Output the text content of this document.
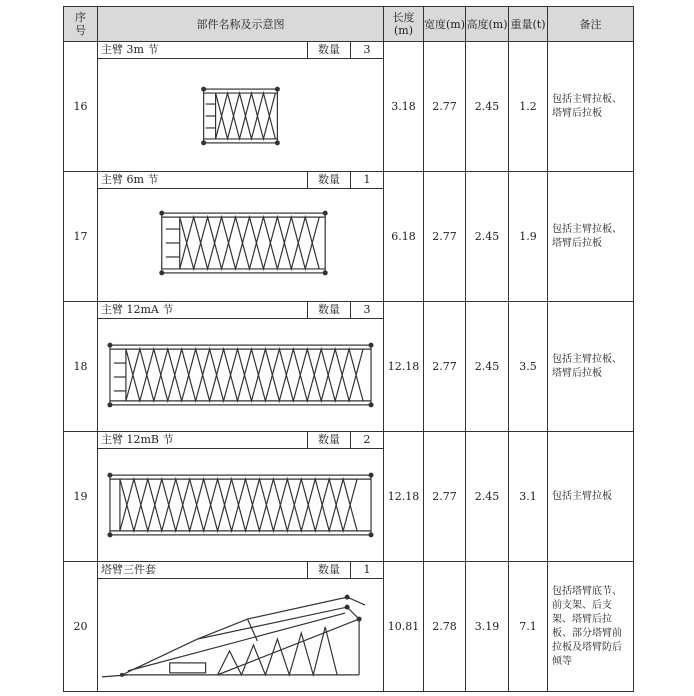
序号	部件名称及示意图	长度(m)	宽度(m)	高度(m)	重量(t)	备注
16	主臂 3m 节 数量 3	3.18	2.77	2.45	1.2	包括主臂拉板、塔臂后拉板
17	主臂 6m 节 数量 1	6.18	2.77	2.45	1.9	包括主臂拉板、塔臂后拉板
18	主臂 12mA 节 数量 3	12.18	2.77	2.45	3.5	包括主臂拉板、塔臂后拉板
19	主臂 12mB 节 数量 2	12.18	2.77	2.45	3.1	包括主臂拉板
20	塔臂三件套 数量 1	10.81	2.78	3.19	7.1	包括塔臂底节、前支架、后支架、塔臂后拉板、部分塔臂前拉板及塔臂防后倾等
